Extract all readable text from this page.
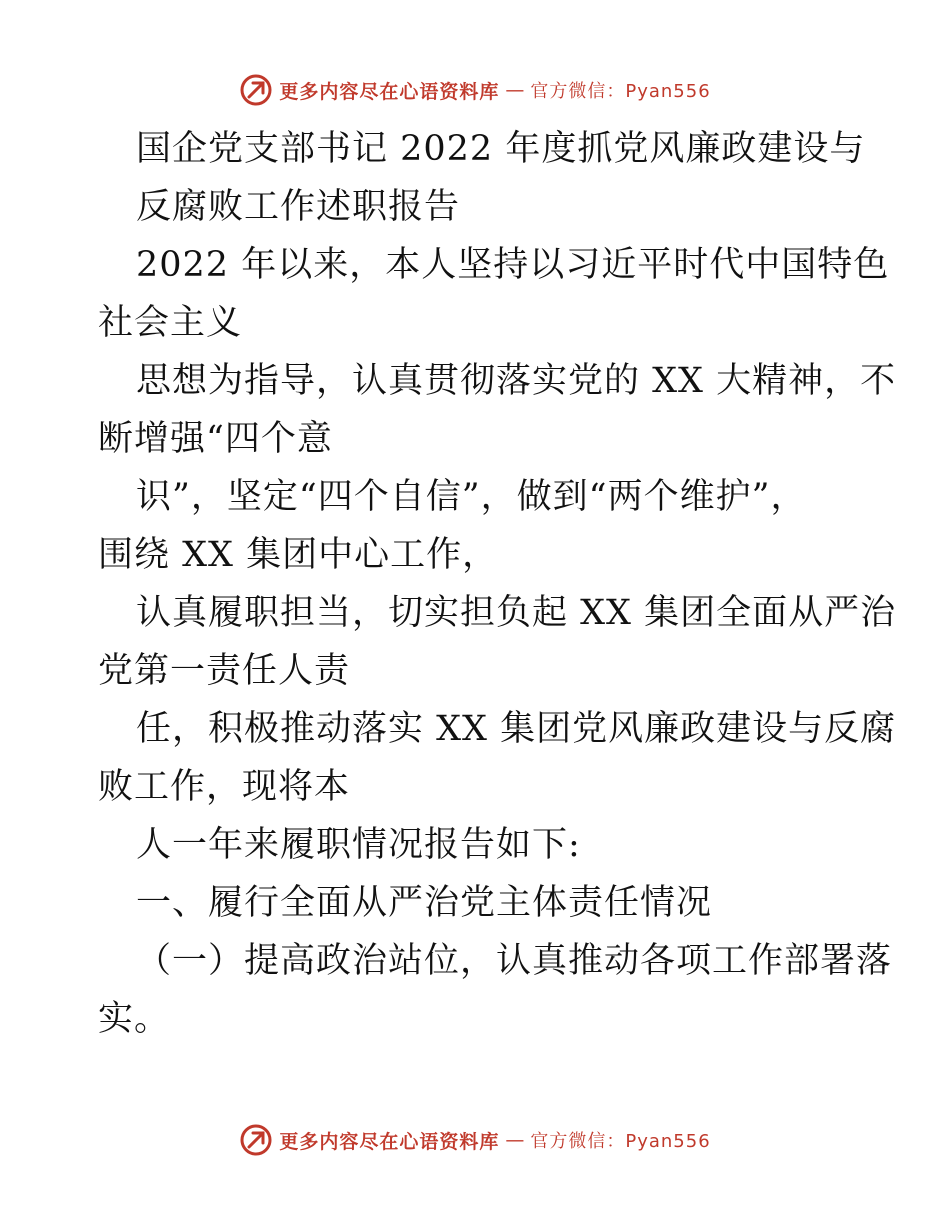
更多内容尽在心语资料库 — 官方微信：Pyan556
国企党支部书记 2022 年度抓党风廉政建设与
反腐败工作述职报告
2022 年以来，本人坚持以习近平时代中国特色
社会主义
思想为指导，认真贯彻落实党的 XX 大精神，不
断增强“四个意
识”，坚定“四个自信”，做到“两个维护”，
围绕 XX 集团中心工作，
认真履职担当，切实担负起 XX 集团全面从严治
党第一责任人责
任，积极推动落实 XX 集团党风廉政建设与反腐
败工作，现将本
人一年来履职情况报告如下:
一、履行全面从严治党主体责任情况
（一）提高政治站位，认真推动各项工作部署落
实。
更多内容尽在心语资料库 — 官方微信：Pyan556
